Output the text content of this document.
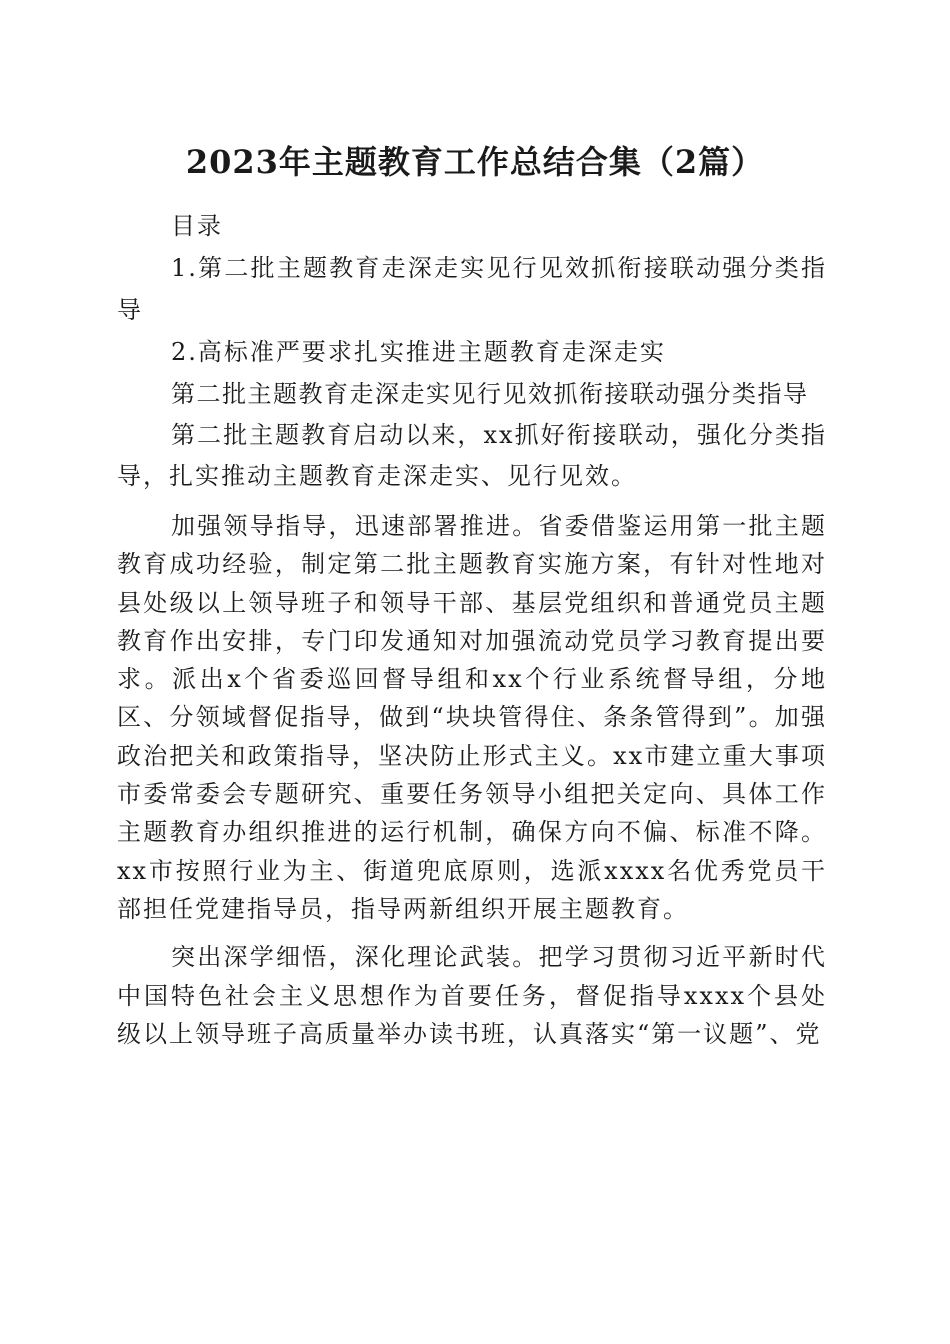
2023年主题教育工作总结合集（2篇）

目录

1.第二批主题教育走深走实见行见效抓衔接联动强分类指导

2.高标准严要求扎实推进主题教育走深走实

第二批主题教育走深走实见行见效抓衔接联动强分类指导

第二批主题教育启动以来，xx抓好衔接联动，强化分类指导，扎实推动主题教育走深走实、见行见效。

加强领导指导，迅速部署推进。省委借鉴运用第一批主题教育成功经验，制定第二批主题教育实施方案，有针对性地对县处级以上领导班子和领导干部、基层党组织和普通党员主题教育作出安排，专门印发通知对加强流动党员学习教育提出要求。派出x个省委巡回督导组和xx个行业系统督导组，分地区、分领域督促指导，做到“块块管得住、条条管得到”。加强政治把关和政策指导，坚决防止形式主义。xx市建立重大事项市委常委会专题研究、重要任务领导小组把关定向、具体工作主题教育办组织推进的运行机制，确保方向不偏、标准不降。xx市按照行业为主、街道兜底原则，选派xxxx名优秀党员干部担任党建指导员，指导两新组织开展主题教育。

突出深学细悟，深化理论武装。把学习贯彻习近平新时代中国特色社会主义思想作为首要任务，督促指导xxxx个县处级以上领导班子高质量举办读书班，认真落实“第一议题”、党
